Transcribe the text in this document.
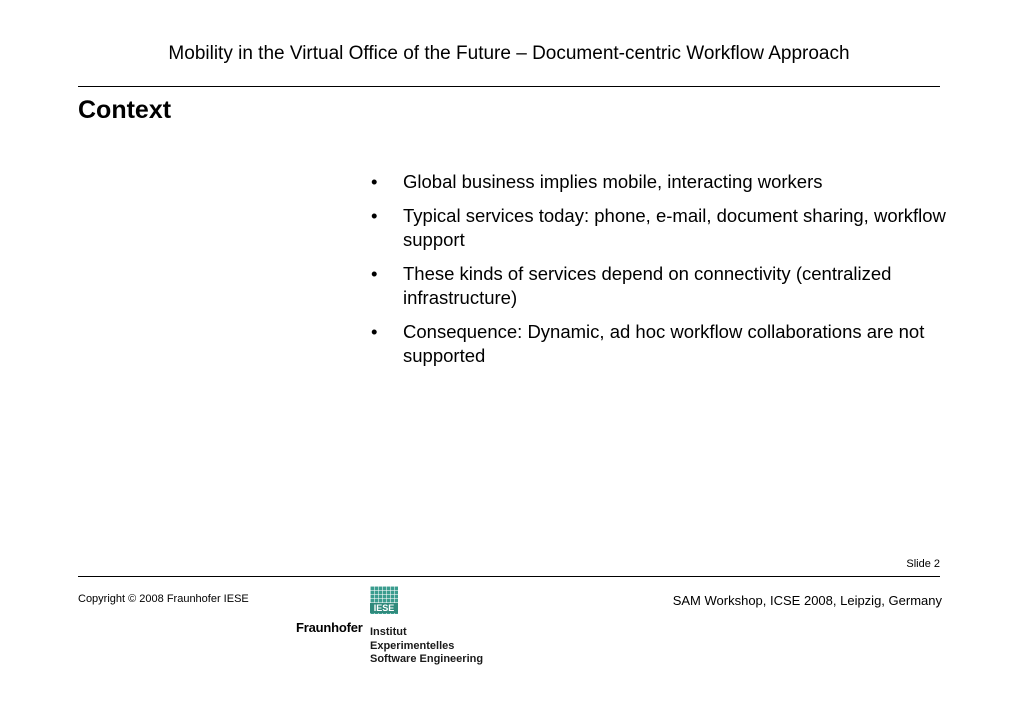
Mobility in the Virtual Office of the Future – Document-centric Workflow Approach
Context
• Global business implies mobile, interacting workers
• Typical services today: phone, e-mail, document sharing, workflow support
• These kinds of services depend on connectivity (centralized infrastructure)
• Consequence: Dynamic, ad hoc workflow collaborations are not supported
Slide 2
Copyright © 2008 Fraunhofer IESE	SAM Workshop, ICSE 2008, Leipzig, Germany
IESE
Fraunhofer Institut
Experimentelles
Software Engineering
